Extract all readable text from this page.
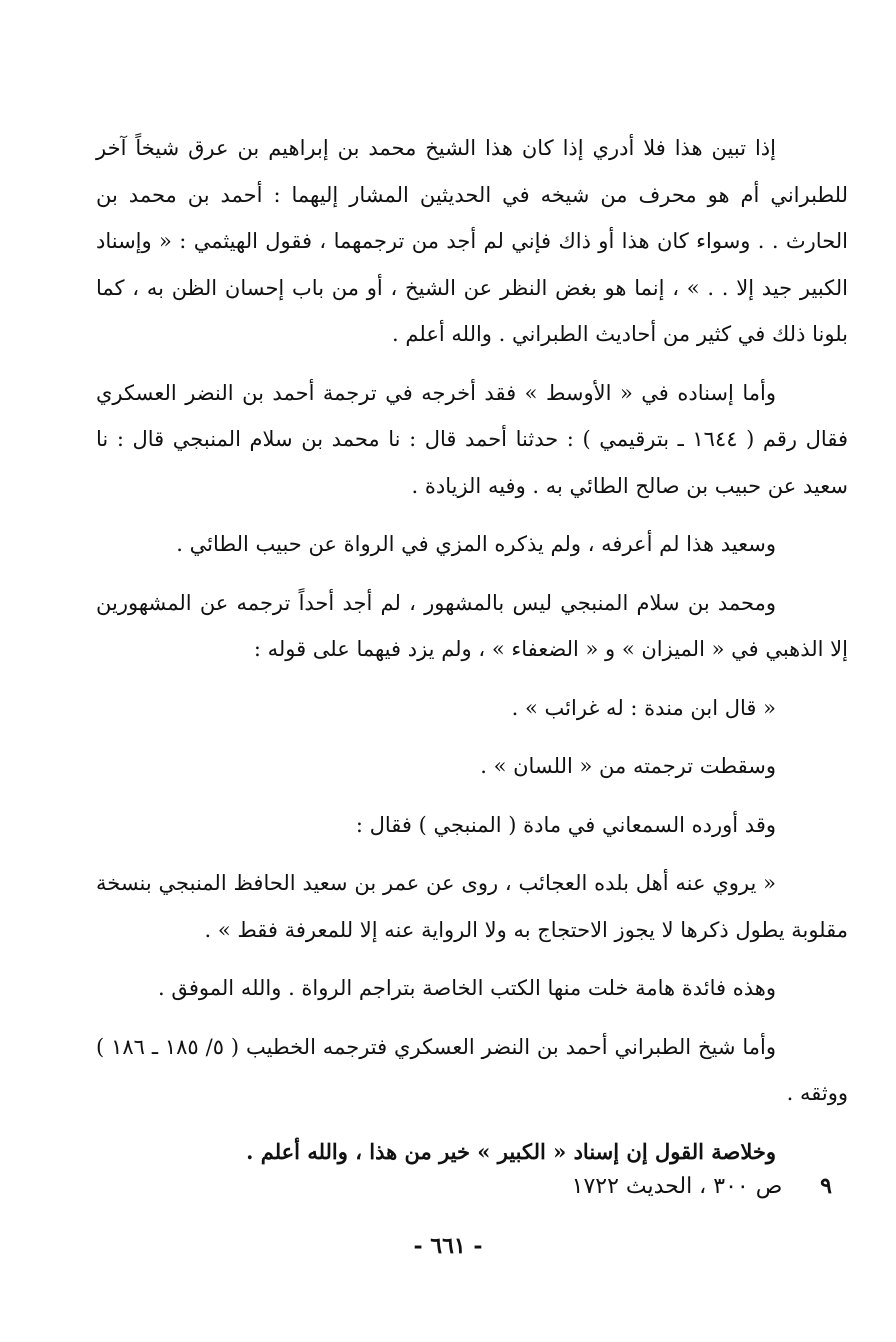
إذا تبين هذا فلا أدري إذا كان هذا الشيخ محمد بن إبراهيم بن عرق شيخاً آخر للطبراني أم هو محرف من شيخه في الحديثين المشار إليهما : أحمد بن محمد بن الحارث . . وسواء كان هذا أو ذاك فإني لم أجد من ترجمهما ، فقول الهيثمي : « وإسناد الكبير جيد إلا . . » ، إنما هو بغض النظر عن الشيخ ، أو من باب إحسان الظن به ، كما بلونا ذلك في كثير من أحاديث الطبراني . والله أعلم .

وأما إسناده في « الأوسط » فقد أخرجه في ترجمة أحمد بن النضر العسكري فقال رقم ( ١٦٤٤ ـ بترقيمي ) : حدثنا أحمد قال : نا محمد بن سلام المنبجي قال : نا سعيد عن حبيب بن صالح الطائي به . وفيه الزيادة .

وسعيد هذا لم أعرفه ، ولم يذكره المزي في الرواة عن حبيب الطائي .

ومحمد بن سلام المنبجي ليس بالمشهور ، لم أجد أحداً ترجمه عن المشهورين إلا الذهبي في « الميزان » و « الضعفاء » ، ولم يزد فيهما على قوله :

« قال ابن مندة : له غرائب » .

وسقطت ترجمته من « اللسان » .

وقد أورده السمعاني في مادة ( المنبجي ) فقال :

« يروي عنه أهل بلده العجائب ، روى عن عمر بن سعيد الحافظ المنبجي بنسخة مقلوبة يطول ذكرها لا يجوز الاحتجاج به ولا الرواية عنه إلا للمعرفة فقط » .

وهذه فائدة هامة خلت منها الكتب الخاصة بتراجم الرواة . والله الموفق .

وأما شيخ الطبراني أحمد بن النضر العسكري فترجمه الخطيب ( ٥/ ١٨٥ ـ ١٨٦ ) ووثقه .

وخلاصة القول إن إسناد « الكبير » خير من هذا ، والله أعلم .

٩ ص ٣٠٠ ، الحديث ١٧٢٢
- ٦٦١ -
